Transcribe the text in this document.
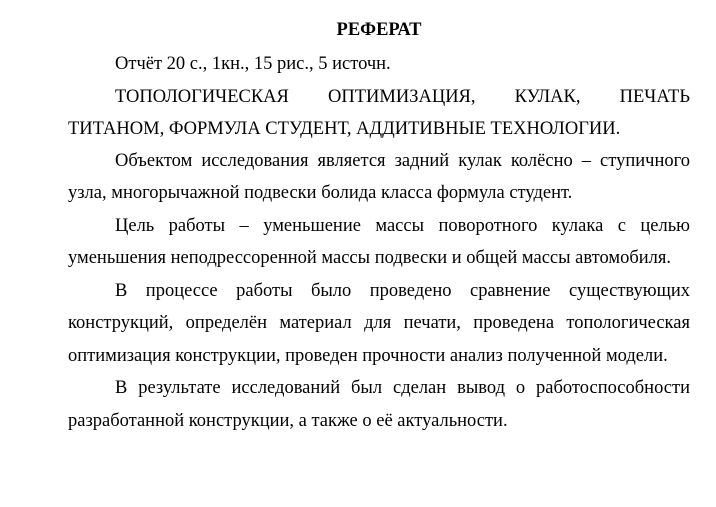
РЕФЕРАТ

Отчёт 20 с., 1кн., 15 рис., 5 источн.

ТОПОЛОГИЧЕСКАЯ ОПТИМИЗАЦИЯ, КУЛАК, ПЕЧАТЬ
ТИТАНОМ, ФОРМУЛА СТУДЕНТ, АДДИТИВНЫЕ ТЕХНОЛОГИИ.

Объектом исследования является задний кулак колёсно – ступичного узла, многорычажной подвески болида класса формула студент.

Цель работы – уменьшение массы поворотного кулака с целью уменьшения неподрессоренной массы подвески и общей массы автомобиля.

В процессе работы было проведено сравнение существующих конструкций, определён материал для печати, проведена топологическая оптимизация конструкции, проведен прочности анализ полученной модели.

В результате исследований был сделан вывод о работоспособности разработанной конструкции, а также о её актуальности.
